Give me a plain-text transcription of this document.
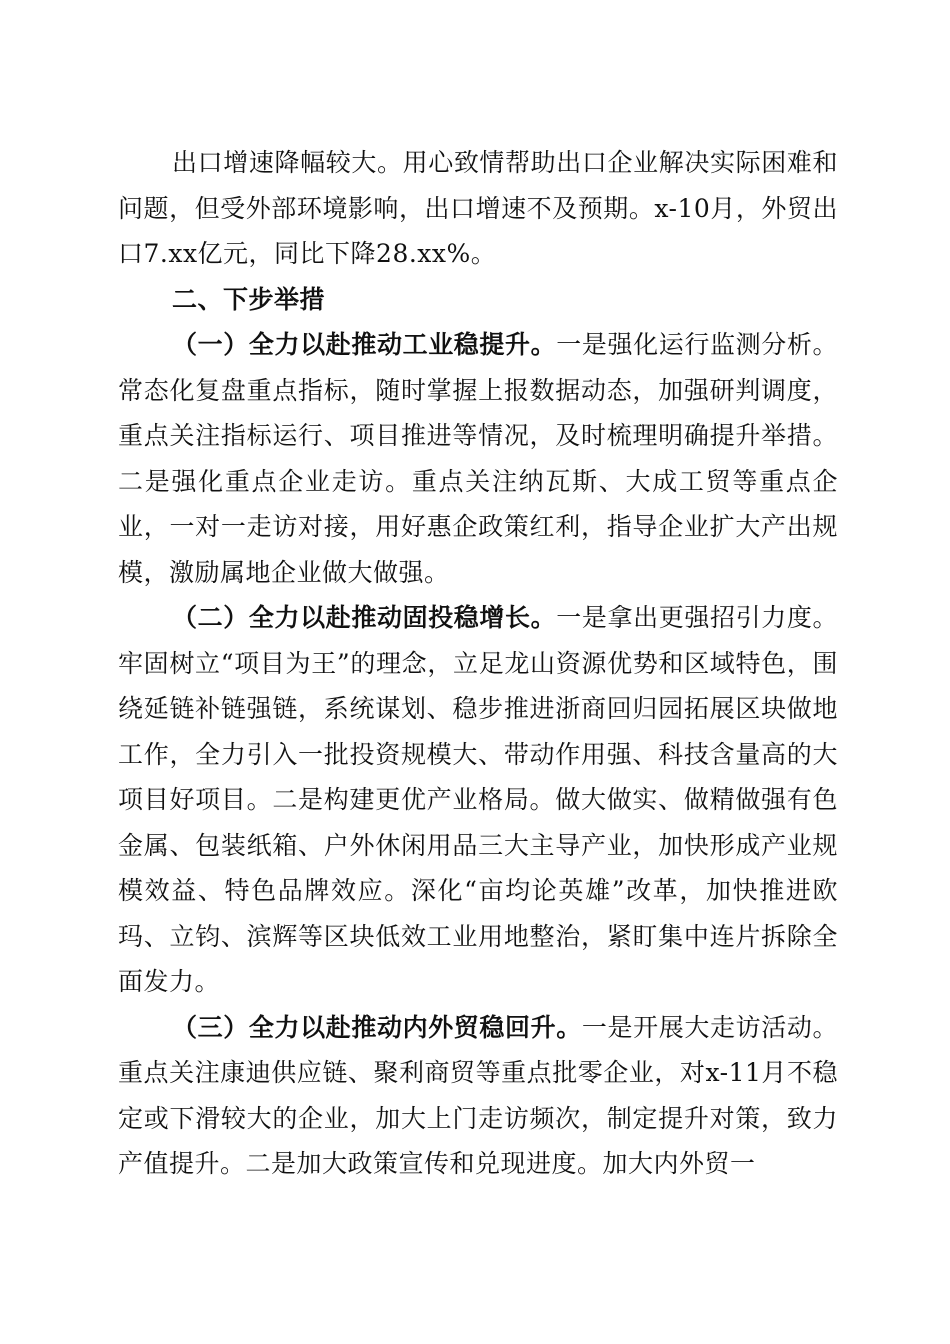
出口增速降幅较大。用心致情帮助出口企业解决实际困难和问题，但受外部环境影响，出口增速不及预期。x-10月，外贸出口7.xx亿元，同比下降28.xx%。

二、下步举措

（一）全力以赴推动工业稳提升。一是强化运行监测分析。常态化复盘重点指标，随时掌握上报数据动态，加强研判调度，重点关注指标运行、项目推进等情况，及时梳理明确提升举措。二是强化重点企业走访。重点关注纳瓦斯、大成工贸等重点企业，一对一走访对接，用好惠企政策红利，指导企业扩大产出规模，激励属地企业做大做强。

（二）全力以赴推动固投稳增长。一是拿出更强招引力度。牢固树立“项目为王”的理念，立足龙山资源优势和区域特色，围绕延链补链强链，系统谋划、稳步推进浙商回归园拓展区块做地工作，全力引入一批投资规模大、带动作用强、科技含量高的大项目好项目。二是构建更优产业格局。做大做实、做精做强有色金属、包装纸箱、户外休闲用品三大主导产业，加快形成产业规模效益、特色品牌效应。深化“亩均论英雄”改革，加快推进欧玛、立钧、滨辉等区块低效工业用地整治，紧盯集中连片拆除全面发力。

（三）全力以赴推动内外贸稳回升。一是开展大走访活动。重点关注康迪供应链、聚利商贸等重点批零企业，对x-11月不稳定或下滑较大的企业，加大上门走访频次，制定提升对策，致力产值提升。二是加大政策宣传和兑现进度。加大内外贸一
